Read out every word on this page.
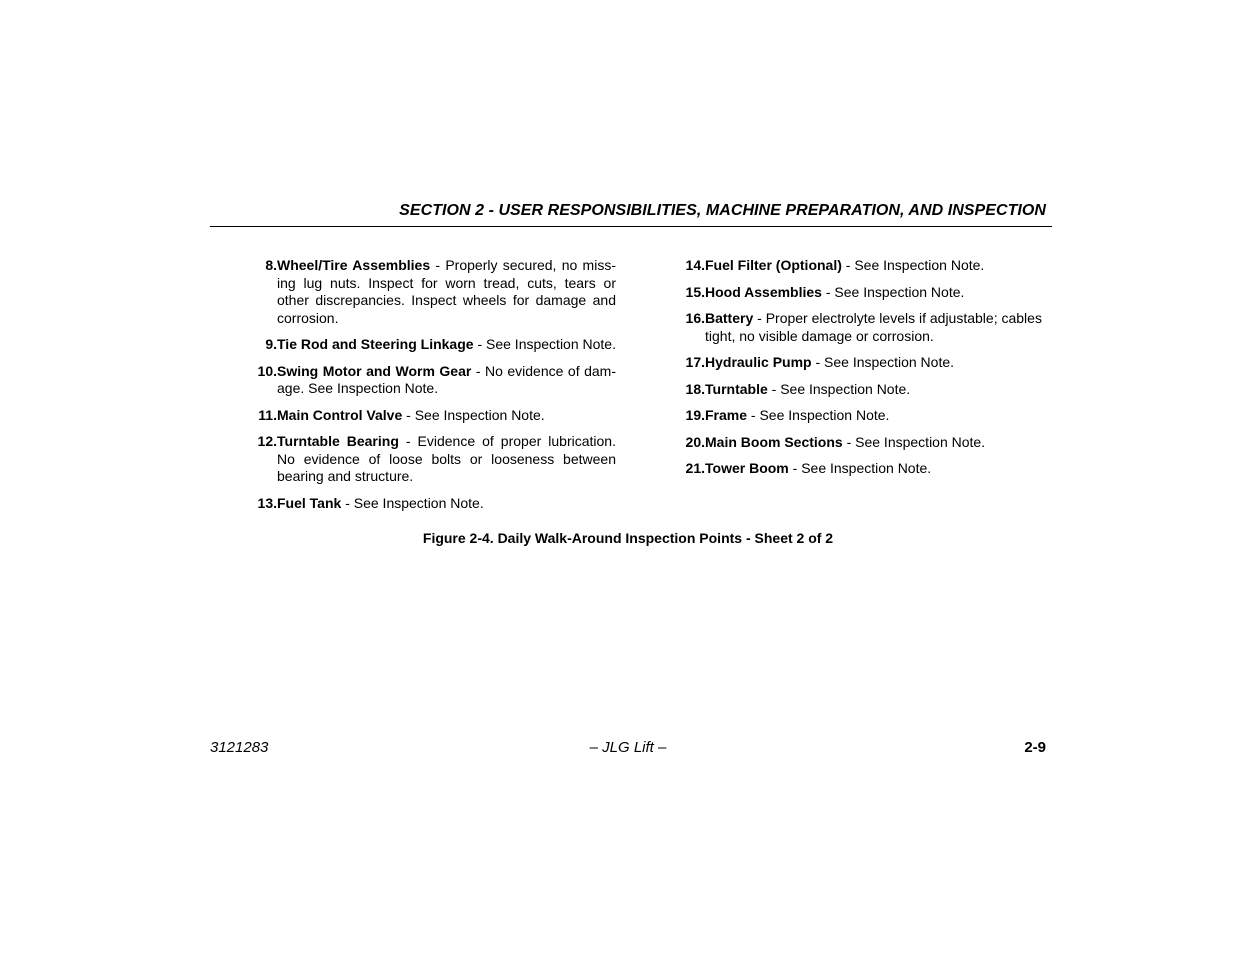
SECTION 2 - USER RESPONSIBILITIES, MACHINE PREPARATION, AND INSPECTION
8. Wheel/Tire Assemblies - Properly secured, no miss-ing lug nuts. Inspect for worn tread, cuts, tears or other discrepancies. Inspect wheels for damage and corrosion.
9. Tie Rod and Steering Linkage - See Inspection Note.
10. Swing Motor and Worm Gear - No evidence of dam-age. See Inspection Note.
11. Main Control Valve - See Inspection Note.
12. Turntable Bearing - Evidence of proper lubrication. No evidence of loose bolts or looseness between bearing and structure.
13. Fuel Tank - See Inspection Note.
14. Fuel Filter (Optional) - See Inspection Note.
15. Hood Assemblies - See Inspection Note.
16. Battery - Proper electrolyte levels if adjustable; cables tight, no visible damage or corrosion.
17. Hydraulic Pump - See Inspection Note.
18. Turntable - See Inspection Note.
19. Frame - See Inspection Note.
20. Main Boom Sections - See Inspection Note.
21. Tower Boom - See Inspection Note.
Figure 2-4. Daily Walk-Around Inspection Points - Sheet 2 of 2
3121283	– JLG Lift –	2-9
